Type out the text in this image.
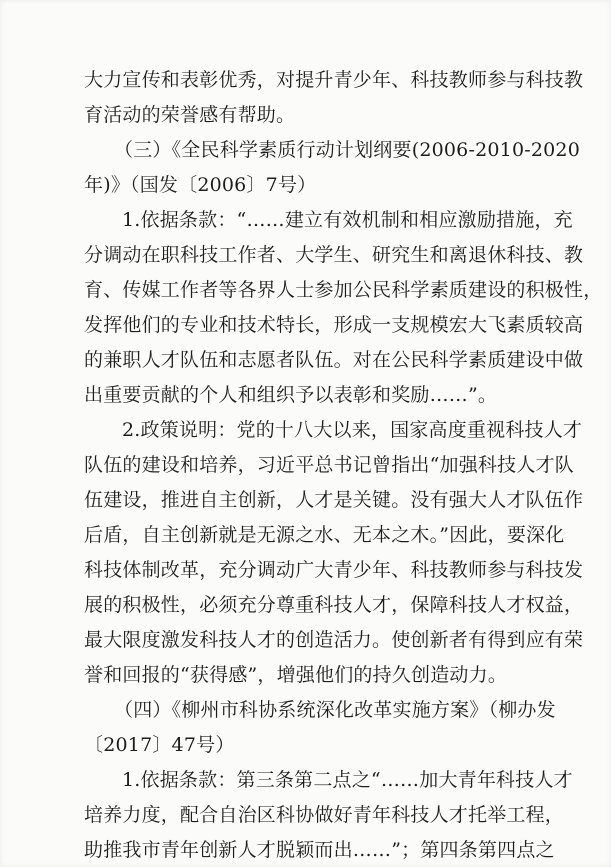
大力宣传和表彰优秀，对提升青少年、科技教师参与科技教
育活动的荣誉感有帮助。
（三）《全民科学素质行动计划纲要(2006-2010-2020
年)》（国发〔2006〕7号）
1.依据条款：“……建立有效机制和相应激励措施，充
分调动在职科技工作者、大学生、研究生和离退休科技、教
育、传媒工作者等各界人士参加公民科学素质建设的积极性，
发挥他们的专业和技术特长，形成一支规模宏大飞素质较高
的兼职人才队伍和志愿者队伍。对在公民科学素质建设中做
出重要贡献的个人和组织予以表彰和奖励……”。
2.政策说明：党的十八大以来，国家高度重视科技人才
队伍的建设和培养，习近平总书记曾指出“加强科技人才队
伍建设，推进自主创新，人才是关键。没有强大人才队伍作
后盾，自主创新就是无源之水、无本之木。”因此，要深化
科技体制改革，充分调动广大青少年、科技教师参与科技发
展的积极性，必须充分尊重科技人才，保障科技人才权益，
最大限度激发科技人才的创造活力。使创新者有得到应有荣
誉和回报的“获得感”，增强他们的持久创造动力。
（四）《柳州市科协系统深化改革实施方案》（柳办发
〔2017〕47号）
1.依据条款：第三条第二点之“……加大青年科技人才
培养力度，配合自治区科协做好青年科技人才托举工程，
助推我市青年创新人才脱颖而出……”；第四条第四点之
